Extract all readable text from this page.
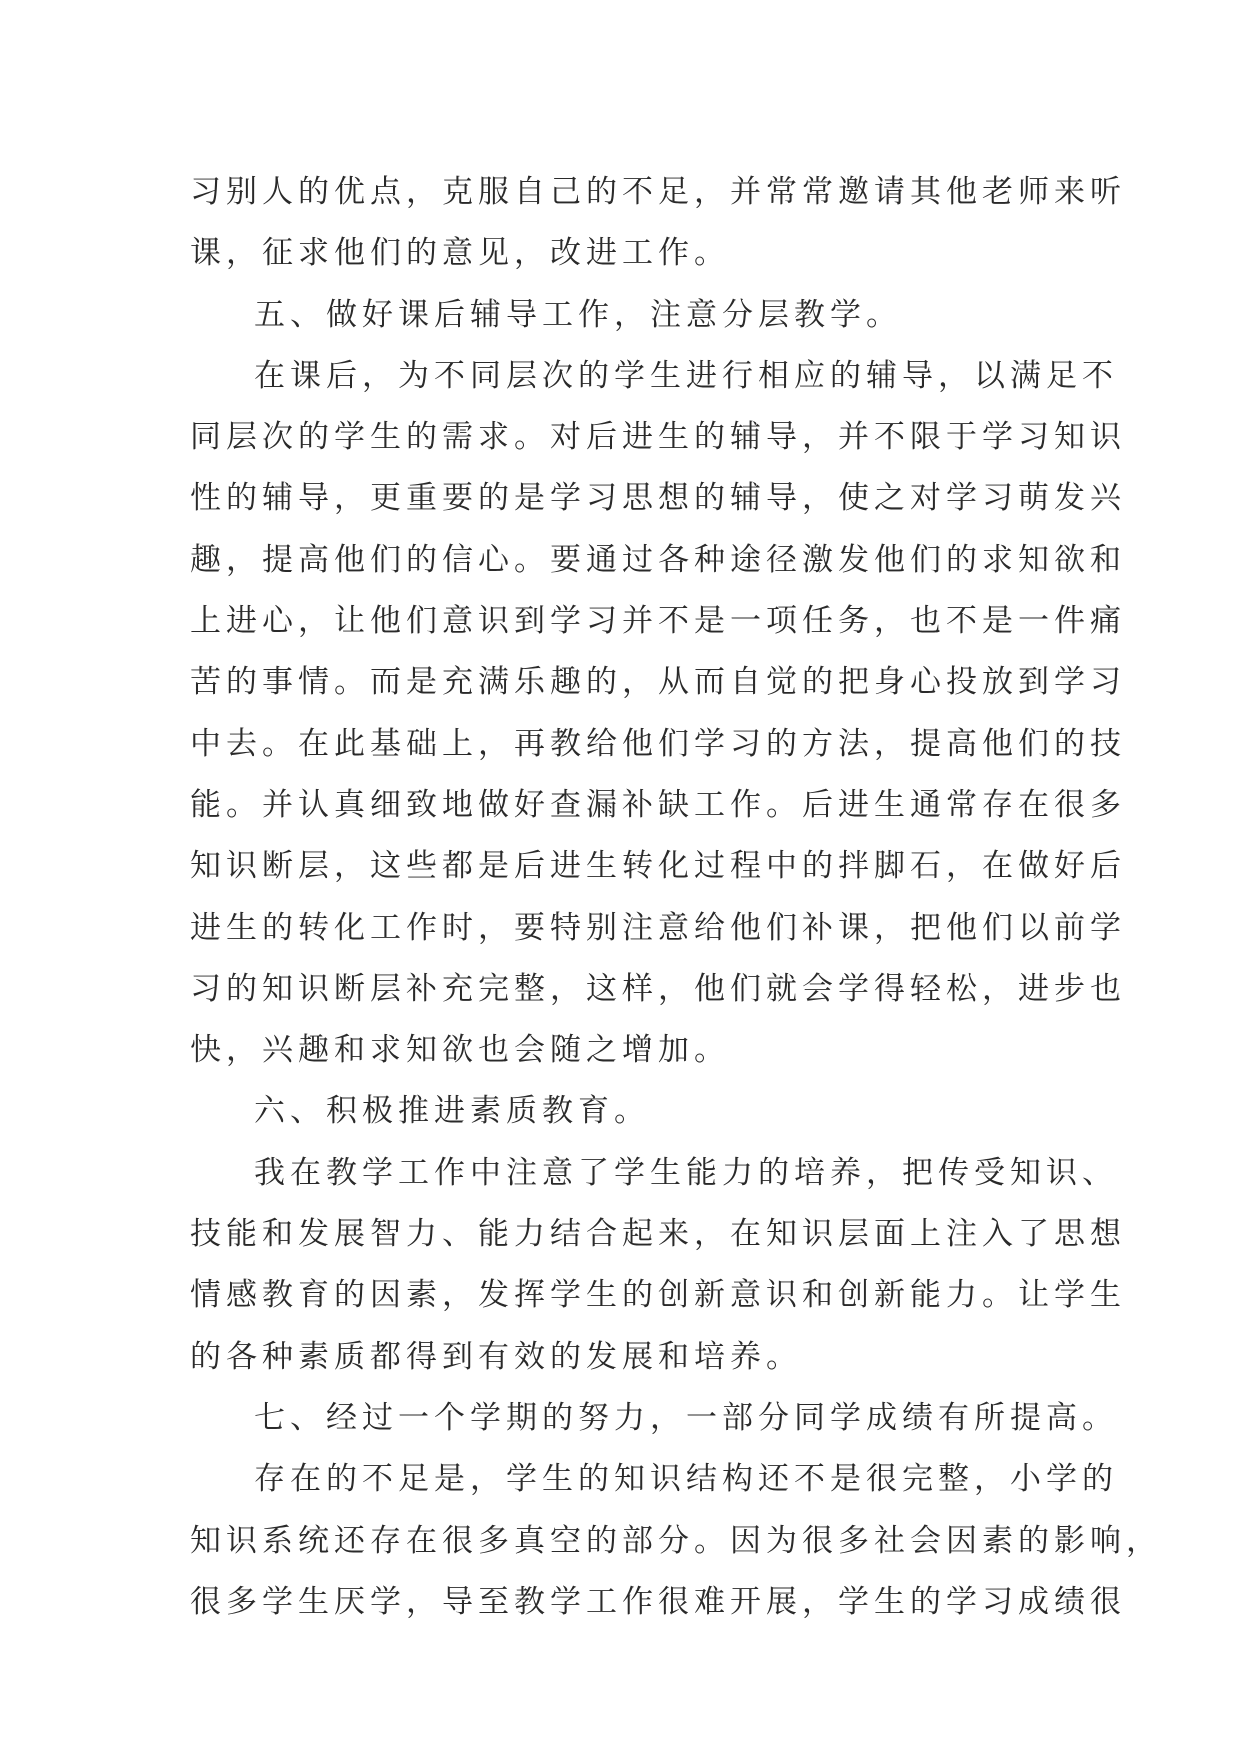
习别人的优点，克服自己的不足，并常常邀请其他老师来听
课，征求他们的意见，改进工作。
五、做好课后辅导工作，注意分层教学。
在课后，为不同层次的学生进行相应的辅导，以满足不
同层次的学生的需求。对后进生的辅导，并不限于学习知识
性的辅导，更重要的是学习思想的辅导，使之对学习萌发兴
趣，提高他们的信心。要通过各种途径激发他们的求知欲和
上进心，让他们意识到学习并不是一项任务，也不是一件痛
苦的事情。而是充满乐趣的，从而自觉的把身心投放到学习
中去。在此基础上，再教给他们学习的方法，提高他们的技
能。并认真细致地做好查漏补缺工作。后进生通常存在很多
知识断层，这些都是后进生转化过程中的拌脚石，在做好后
进生的转化工作时，要特别注意给他们补课，把他们以前学
习的知识断层补充完整，这样，他们就会学得轻松，进步也
快，兴趣和求知欲也会随之增加。
六、积极推进素质教育。
我在教学工作中注意了学生能力的培养，把传受知识、
技能和发展智力、能力结合起来，在知识层面上注入了思想
情感教育的因素，发挥学生的创新意识和创新能力。让学生
的各种素质都得到有效的发展和培养。
七、经过一个学期的努力，一部分同学成绩有所提高。
存在的不足是，学生的知识结构还不是很完整，小学的
知识系统还存在很多真空的部分。因为很多社会因素的影响，
很多学生厌学，导至教学工作很难开展，学生的学习成绩很
